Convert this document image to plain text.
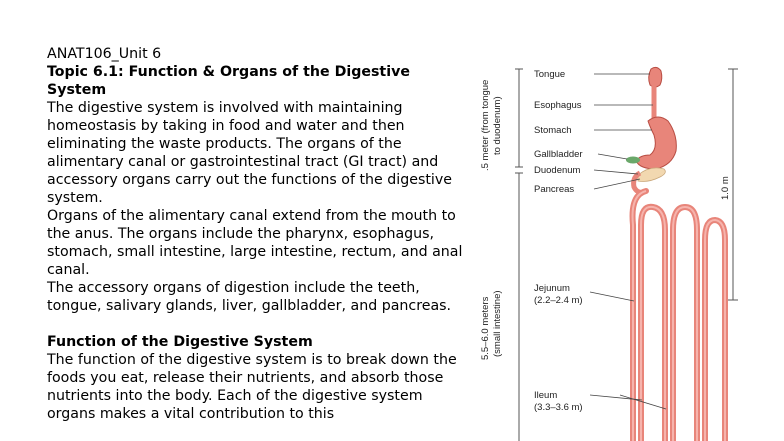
ANAT106_Unit 6

Topic 6.1: Function & Organs of the Digestive System

The digestive system is involved with maintaining homeostasis by taking in food and water and then eliminating the waste products. The organs of the alimentary canal or gastrointestinal tract (GI tract) and accessory organs carry out the functions of the digestive system.

Organs of the alimentary canal extend from the mouth to the anus. The organs include the pharynx, esophagus, stomach, small intestine, large intestine, rectum, and anal canal.

The accessory organs of digestion include the teeth, tongue, salivary glands, liver, gallbladder, and pancreas.

Function of the Digestive System

The function of the digestive system is to break down the foods you eat, release their nutrients, and absorb those nutrients into the body. Each of the digestive system organs makes a vital contribution to this

.5 meter (from tongue to duodenum)
5.5–6.0 meters (small intestine)
1.0 m
Tongue
Esophagus
Stomach
Gallbladder
Duodenum
Pancreas
Jejunum
(2.2–2.4 m)
Ileum
(3.3–3.6 m)
